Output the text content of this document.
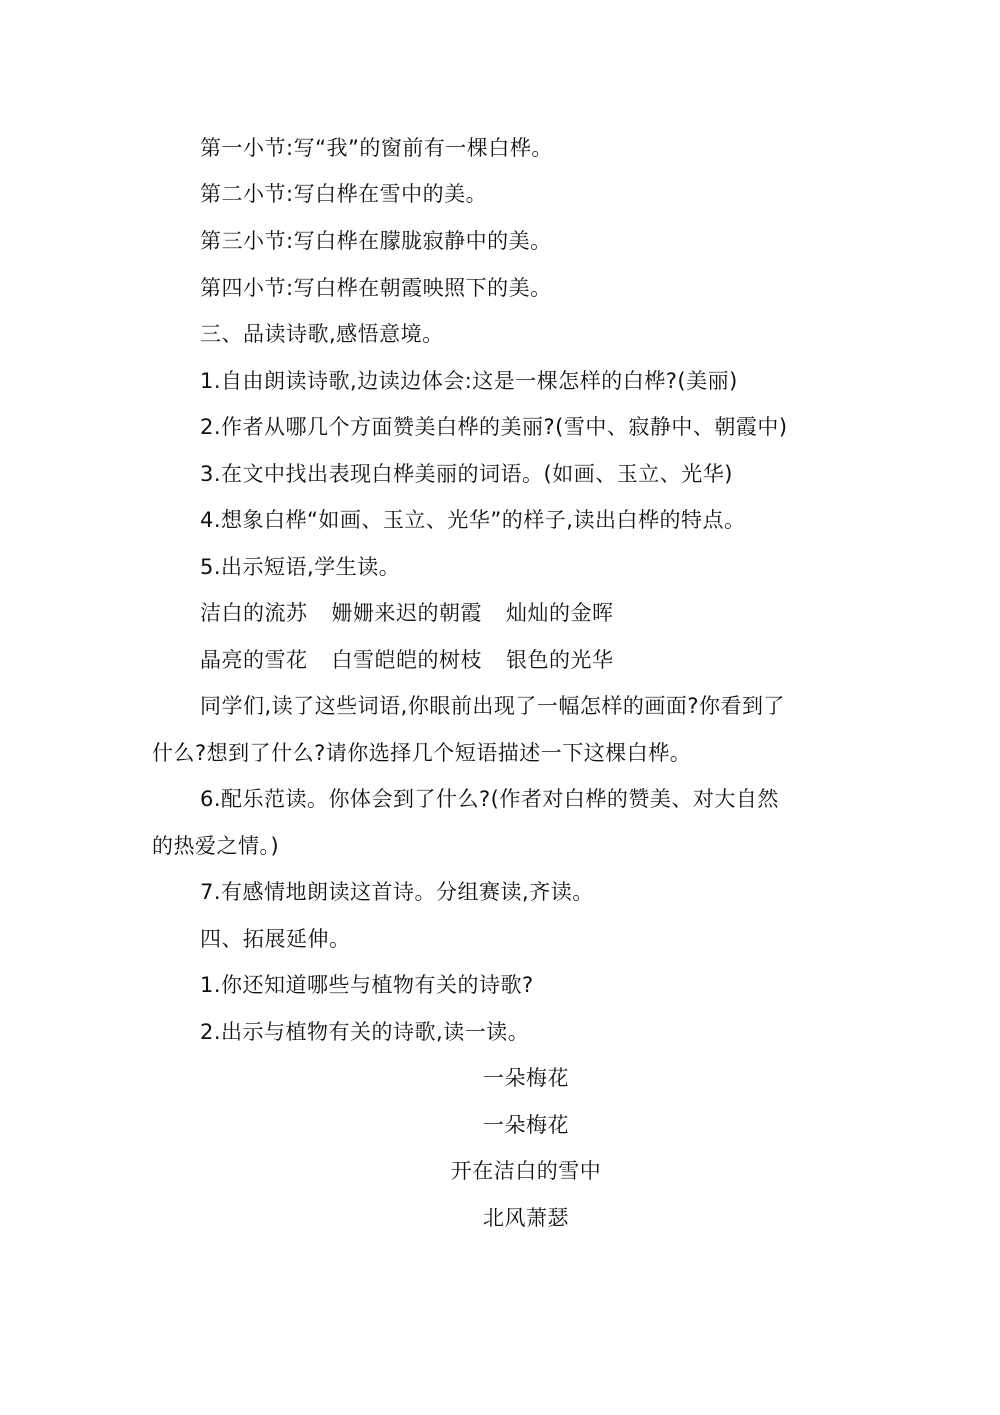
第一小节:写“我”的窗前有一棵白桦。
第二小节:写白桦在雪中的美。
第三小节:写白桦在朦胧寂静中的美。
第四小节:写白桦在朝霞映照下的美。
三、品读诗歌,感悟意境。
1.自由朗读诗歌,边读边体会:这是一棵怎样的白桦?(美丽)
2.作者从哪几个方面赞美白桦的美丽?(雪中、寂静中、朝霞中)
3.在文中找出表现白桦美丽的词语。(如画、玉立、光华)
4.想象白桦“如画、玉立、光华”的样子,读出白桦的特点。
5.出示短语,学生读。
洁白的流苏 姗姗来迟的朝霞 灿灿的金晖
晶亮的雪花 白雪皑皑的树枝 银色的光华
同学们,读了这些词语,你眼前出现了一幅怎样的画面?你看到了
什么?想到了什么?请你选择几个短语描述一下这棵白桦。
6.配乐范读。你体会到了什么?(作者对白桦的赞美、对大自然
的热爱之情。)
7.有感情地朗读这首诗。分组赛读,齐读。
四、拓展延伸。
1.你还知道哪些与植物有关的诗歌?
2.出示与植物有关的诗歌,读一读。
一朵梅花
一朵梅花
开在洁白的雪中
北风萧瑟
